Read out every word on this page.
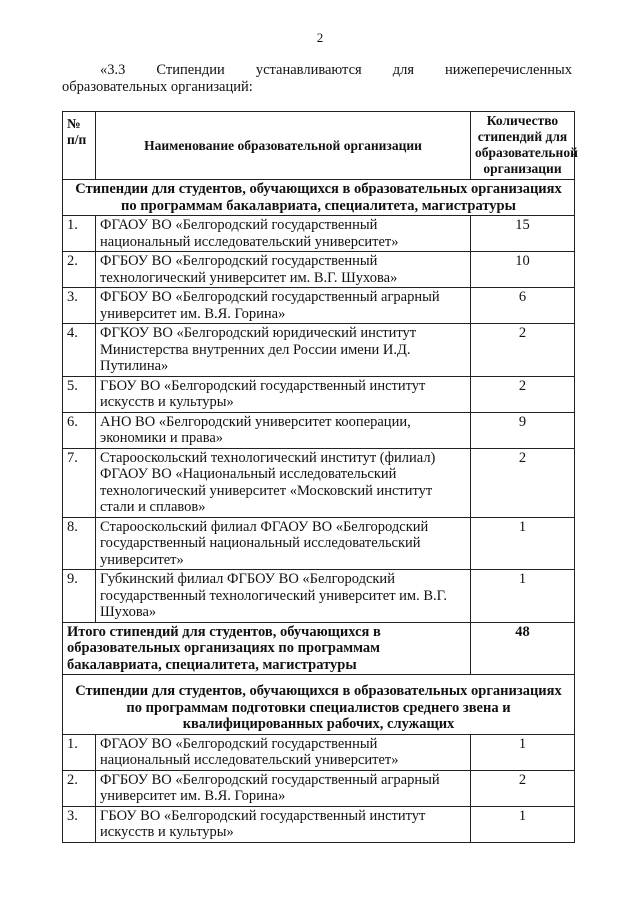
2
«3.3 Стипендии устанавливаются для нижеперечисленных
образовательных организаций:
№ п/п	Наименование образовательной организации	Количество стипендий для образовательной организации
Стипендии для студентов, обучающихся в образовательных организациях по программам бакалавриата, специалитета, магистратуры		
1.	ФГАОУ ВО «Белгородский государственный национальный исследовательский университет»	15
2.	ФГБОУ ВО «Белгородский государственный технологический университет им. В.Г. Шухова»	10
3.	ФГБОУ ВО «Белгородский государственный аграрный университет им. В.Я. Горина»	6
4.	ФГКОУ ВО «Белгородский юридический институт Министерства внутренних дел России имени И.Д. Путилина»	2
5.	ГБОУ ВО «Белгородский государственный институт искусств и культуры»	2
6.	АНО ВО «Белгородский университет кооперации, экономики и права»	9
7.	Старооскольский технологический институт (филиал) ФГАОУ ВО «Национальный исследовательский технологический университет «Московский институт стали и сплавов»	2
8.	Старооскольский филиал ФГАОУ ВО «Белгородский государственный национальный исследовательский университет»	1
9.	Губкинский филиал ФГБОУ ВО «Белгородский государственный технологический университет им. В.Г. Шухова»	1
Итого стипендий для студентов, обучающихся в образовательных организациях по программам бакалавриата, специалитета, магистратуры		48
Стипендии для студентов, обучающихся в образовательных организациях по программам подготовки специалистов среднего звена и квалифицированных рабочих, служащих		
1.	ФГАОУ ВО «Белгородский государственный национальный исследовательский университет»	1
2.	ФГБОУ ВО «Белгородский государственный аграрный университет им. В.Я. Горина»	2
3.	ГБОУ ВО «Белгородский государственный институт искусств и культуры»	1
